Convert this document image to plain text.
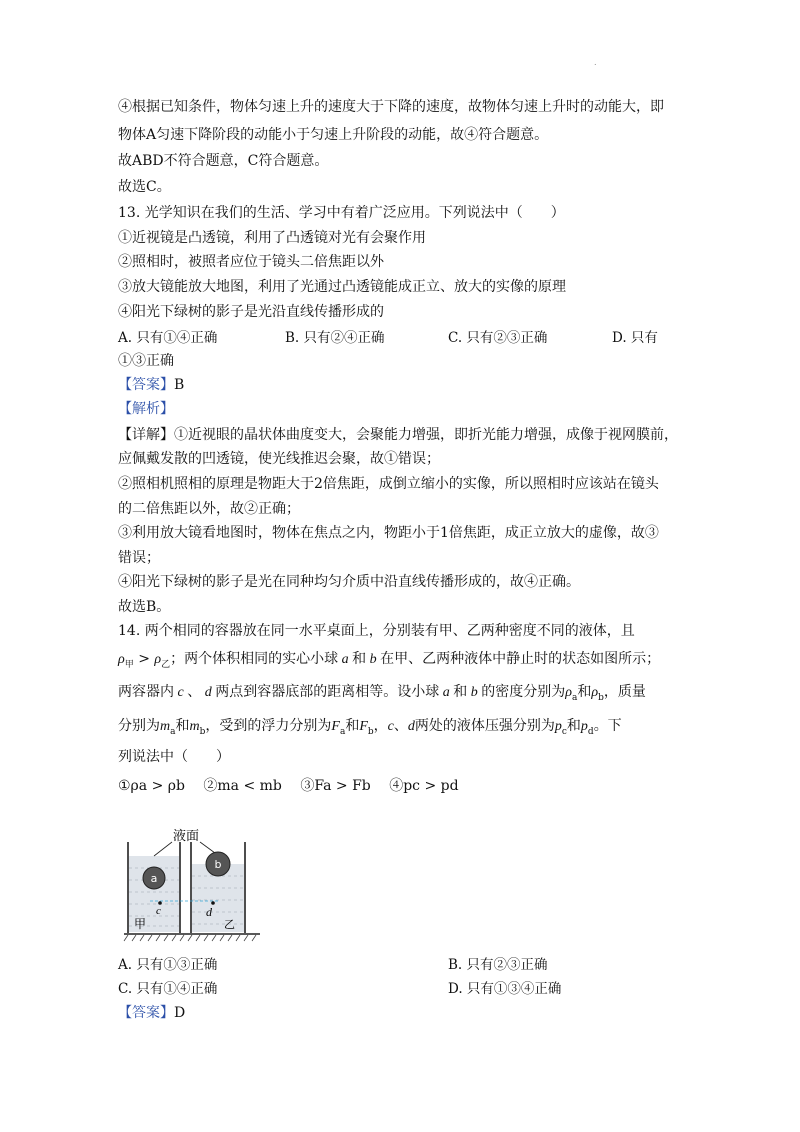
.
④根据已知条件，物体匀速上升的速度大于下降的速度，故物体匀速上升时的动能大，即
物体A匀速下降阶段的动能小于匀速上升阶段的动能，故④符合题意。
故ABD不符合题意，C符合题意。
故选C。
13. 光学知识在我们的生活、学习中有着广泛应用。下列说法中（　　）
①近视镜是凸透镜，利用了凸透镜对光有会聚作用
②照相时，被照者应位于镜头二倍焦距以外
③放大镜能放大地图，利用了光通过凸透镜能成正立、放大的实像的原理
④阳光下绿树的影子是光沿直线传播形成的
A. 只有①④正确	B. 只有②④正确	C. 只有②③正确	D. 只有
①③正确
【答案】B
【解析】
【详解】①近视眼的晶状体曲度变大，会聚能力增强，即折光能力增强，成像于视网膜前，
应佩戴发散的凹透镜，使光线推迟会聚，故①错误；
②照相机照相的原理是物距大于2倍焦距，成倒立缩小的实像，所以照相时应该站在镜头
的二倍焦距以外，故②正确；
③利用放大镜看地图时，物体在焦点之内，物距小于1倍焦距，成正立放大的虚像，故③
错误；
④阳光下绿树的影子是光在同种均匀介质中沿直线传播形成的，故④正确。
故选B。
14. 两个相同的容器放在同一水平桌面上，分别装有甲、乙两种密度不同的液体，且
$\rho_甲 > \rho_乙$；两个体积相同的实心小球 a 和 b 在甲、乙两种液体中静止时的状态如图所示；
两容器内 c 、 d 两点到容器底部的距离相等。设小球 a 和 b 的密度分别为$\rho_a$和$\rho_b$，质量
分别为$m_a$和$m_b$，受到的浮力分别为$F_a$和$F_b$，c、d两处的液体压强分别为$p_c$和$p_d$。下
列说法中（　　）
①ρa > ρb　 ②ma < mb　 ③Fa > Fb　 ④pc > pd
液面
a
b
c	d
甲	乙
A. 只有①③正确	B. 只有②③正确
C. 只有①④正确	D. 只有①③④正确
【答案】D
